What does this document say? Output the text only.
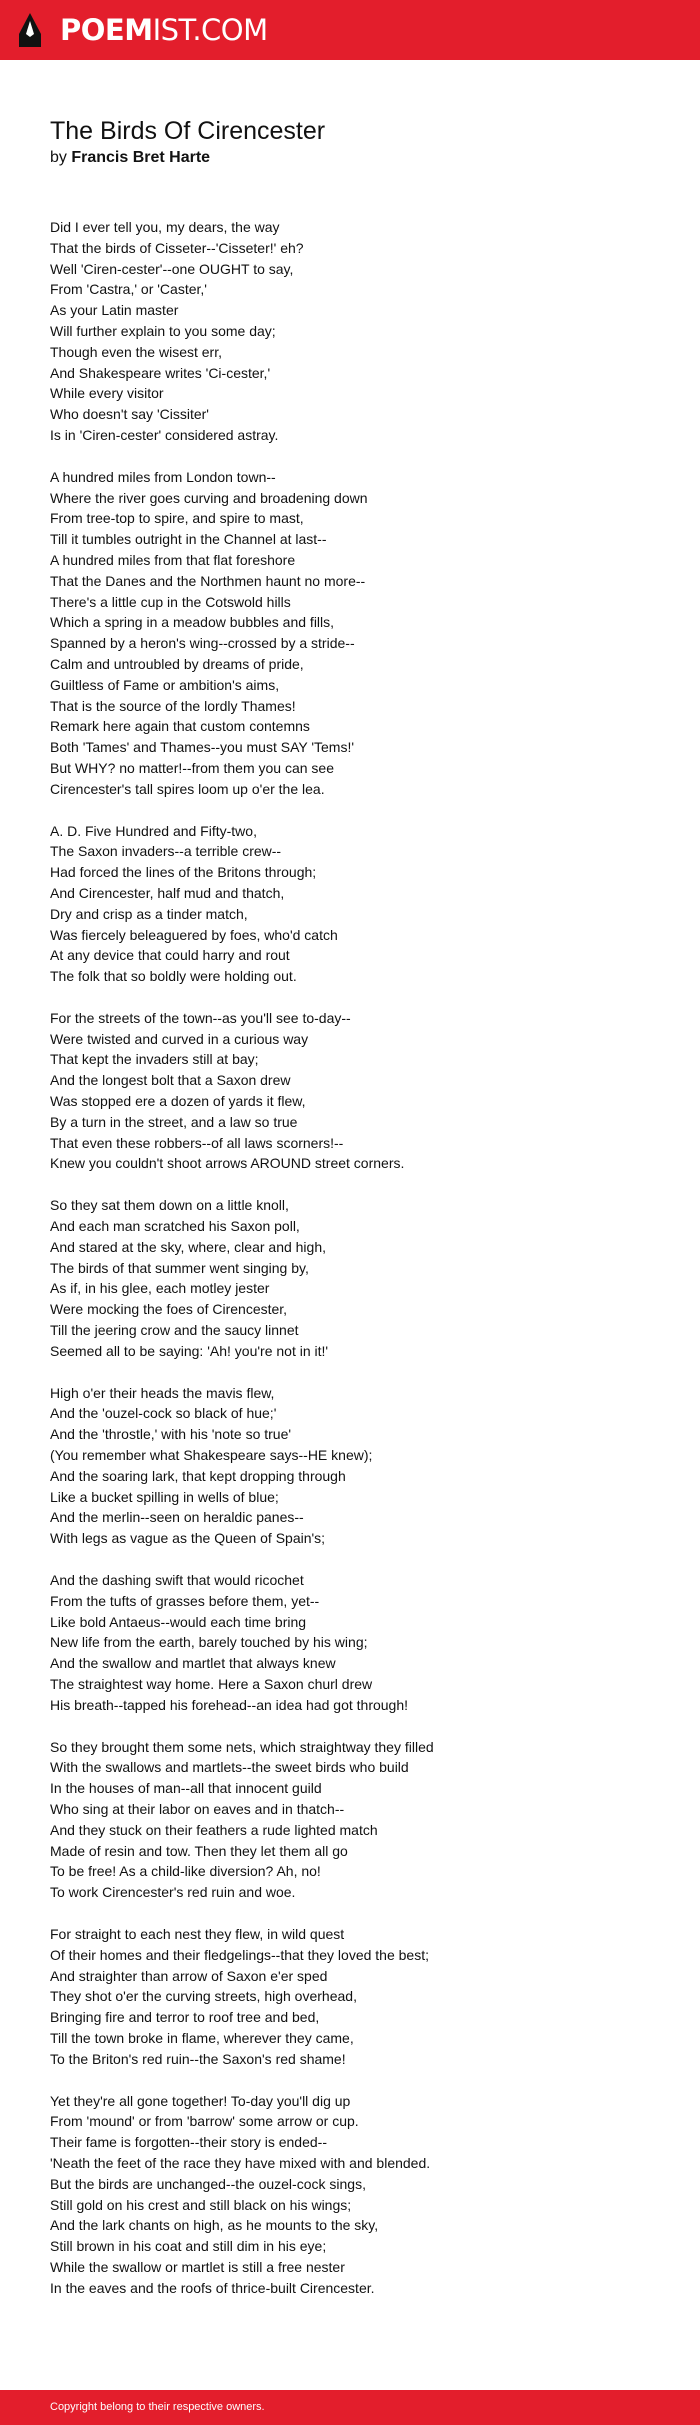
POEMIST.COM
The Birds Of Cirencester

by Francis Bret Harte

Did I ever tell you, my dears, the way
That the birds of Cisseter--'Cisseter!' eh?
Well 'Ciren-cester'--one OUGHT to say,
From 'Castra,' or 'Caster,'
As your Latin master
Will further explain to you some day;
Though even the wisest err,
And Shakespeare writes 'Ci-cester,'
While every visitor
Who doesn't say 'Cissiter'
Is in 'Ciren-cester' considered astray.

A hundred miles from London town--
Where the river goes curving and broadening down
From tree-top to spire, and spire to mast,
Till it tumbles outright in the Channel at last--
A hundred miles from that flat foreshore
That the Danes and the Northmen haunt no more--
There's a little cup in the Cotswold hills
Which a spring in a meadow bubbles and fills,
Spanned by a heron's wing--crossed by a stride--
Calm and untroubled by dreams of pride,
Guiltless of Fame or ambition's aims,
That is the source of the lordly Thames!
Remark here again that custom contemns
Both 'Tames' and Thames--you must SAY 'Tems!'
But WHY? no matter!--from them you can see
Cirencester's tall spires loom up o'er the lea.

A. D. Five Hundred and Fifty-two,
The Saxon invaders--a terrible crew--
Had forced the lines of the Britons through;
And Cirencester, half mud and thatch,
Dry and crisp as a tinder match,
Was fiercely beleaguered by foes, who'd catch
At any device that could harry and rout
The folk that so boldly were holding out.

For the streets of the town--as you'll see to-day--
Were twisted and curved in a curious way
That kept the invaders still at bay;
And the longest bolt that a Saxon drew
Was stopped ere a dozen of yards it flew,
By a turn in the street, and a law so true
That even these robbers--of all laws scorners!--
Knew you couldn't shoot arrows AROUND street corners.

So they sat them down on a little knoll,
And each man scratched his Saxon poll,
And stared at the sky, where, clear and high,
The birds of that summer went singing by,
As if, in his glee, each motley jester
Were mocking the foes of Cirencester,
Till the jeering crow and the saucy linnet
Seemed all to be saying: 'Ah! you're not in it!'

High o'er their heads the mavis flew,
And the 'ouzel-cock so black of hue;'
And the 'throstle,' with his 'note so true'
(You remember what Shakespeare says--HE knew);
And the soaring lark, that kept dropping through
Like a bucket spilling in wells of blue;
And the merlin--seen on heraldic panes--
With legs as vague as the Queen of Spain's;

And the dashing swift that would ricochet
From the tufts of grasses before them, yet--
Like bold Antaeus--would each time bring
New life from the earth, barely touched by his wing;
And the swallow and martlet that always knew
The straightest way home. Here a Saxon churl drew
His breath--tapped his forehead--an idea had got through!

So they brought them some nets, which straightway they filled
With the swallows and martlets--the sweet birds who build
In the houses of man--all that innocent guild
Who sing at their labor on eaves and in thatch--
And they stuck on their feathers a rude lighted match
Made of resin and tow. Then they let them all go
To be free! As a child-like diversion? Ah, no!
To work Cirencester's red ruin and woe.

For straight to each nest they flew, in wild quest
Of their homes and their fledgelings--that they loved the best;
And straighter than arrow of Saxon e'er sped
They shot o'er the curving streets, high overhead,
Bringing fire and terror to roof tree and bed,
Till the town broke in flame, wherever they came,
To the Briton's red ruin--the Saxon's red shame!

Yet they're all gone together! To-day you'll dig up
From 'mound' or from 'barrow' some arrow or cup.
Their fame is forgotten--their story is ended--
'Neath the feet of the race they have mixed with and blended.
But the birds are unchanged--the ouzel-cock sings,
Still gold on his crest and still black on his wings;
And the lark chants on high, as he mounts to the sky,
Still brown in his coat and still dim in his eye;
While the swallow or martlet is still a free nester
In the eaves and the roofs of thrice-built Cirencester.

Copyright belong to their respective owners.
